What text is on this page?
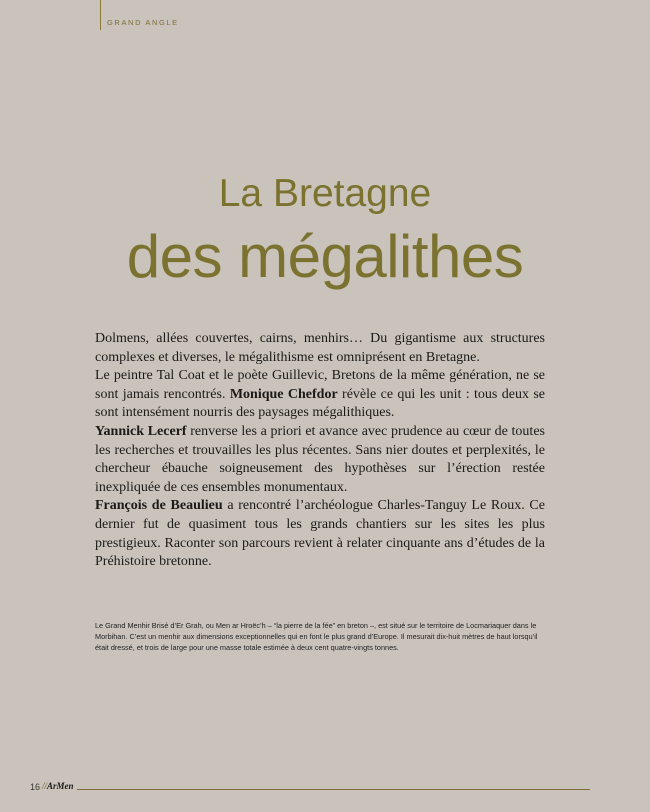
GRAND ANGLE
La Bretagne
des mégalithes

Dolmens, allées couvertes, cairns, menhirs… Du gigantisme aux structures complexes et diverses, le mégalithisme est omniprésent en Bretagne.

Le peintre Tal Coat et le poète Guillevic, Bretons de la même génération, ne se sont jamais rencontrés. Monique Chefdor révèle ce qui les unit : tous deux se sont intensément nourris des paysages mégalithiques.

Yannick Lecerf renverse les a priori et avance avec prudence au cœur de toutes les recherches et trouvailles les plus récentes. Sans nier doutes et perplexités, le chercheur ébauche soigneusement des hypothèses sur l’érection restée inexpliquée de ces ensembles monumentaux.

François de Beaulieu a rencontré l’archéologue Charles-Tanguy Le Roux. Ce dernier fut de quasiment tous les grands chantiers sur les sites les plus prestigieux. Raconter son parcours revient à relater cinquante ans d’études de la Préhistoire bretonne.

Le Grand Menhir Brisé d’Er Grah, ou Men ar Hroëc’h – “la pierre de la fée” en breton –, est situé sur le territoire de Locmariaquer dans le Morbihan. C’est un menhir aux dimensions exceptionnelles qui en font le plus grand d’Europe. Il mesurait dix-huit mètres de haut lorsqu’il était dressé, et trois de large pour une masse totale estimée à deux cent quatre-vingts tonnes.
16 //ArMen
